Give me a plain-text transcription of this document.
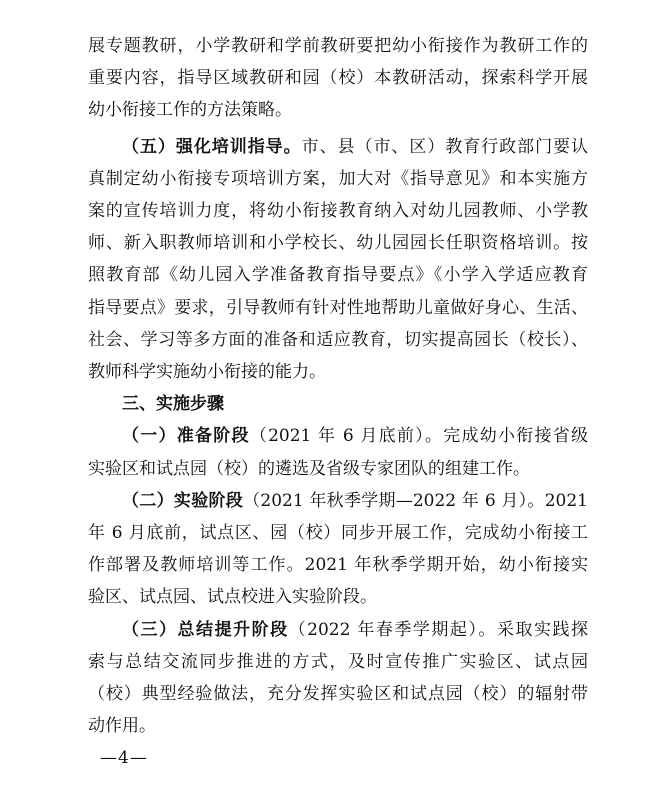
展专题教研，小学教研和学前教研要把幼小衔接作为教研工作的

重要内容，指导区域教研和园（校）本教研活动，探索科学开展

幼小衔接工作的方法策略。

（五）强化培训指导。市、县（市、区）教育行政部门要认

真制定幼小衔接专项培训方案，加大对《指导意见》和本实施方

案的宣传培训力度，将幼小衔接教育纳入对幼儿园教师、小学教

师、新入职教师培训和小学校长、幼儿园园长任职资格培训。按

照教育部《幼儿园入学准备教育指导要点》《小学入学适应教育

指导要点》要求，引导教师有针对性地帮助儿童做好身心、生活、

社会、学习等多方面的准备和适应教育，切实提高园长（校长）、

教师科学实施幼小衔接的能力。

三、实施步骤

（一）准备阶段（2021 年 6 月底前）。完成幼小衔接省级

实验区和试点园（校）的遴选及省级专家团队的组建工作。

（二）实验阶段（2021 年秋季学期—2022 年 6 月）。2021

年 6 月底前，试点区、园（校）同步开展工作，完成幼小衔接工

作部署及教师培训等工作。2021 年秋季学期开始，幼小衔接实

验区、试点园、试点校进入实验阶段。

（三）总结提升阶段（2022 年春季学期起）。采取实践探

索与总结交流同步推进的方式，及时宣传推广实验区、试点园

（校）典型经验做法，充分发挥实验区和试点园（校）的辐射带

动作用。

—4—
